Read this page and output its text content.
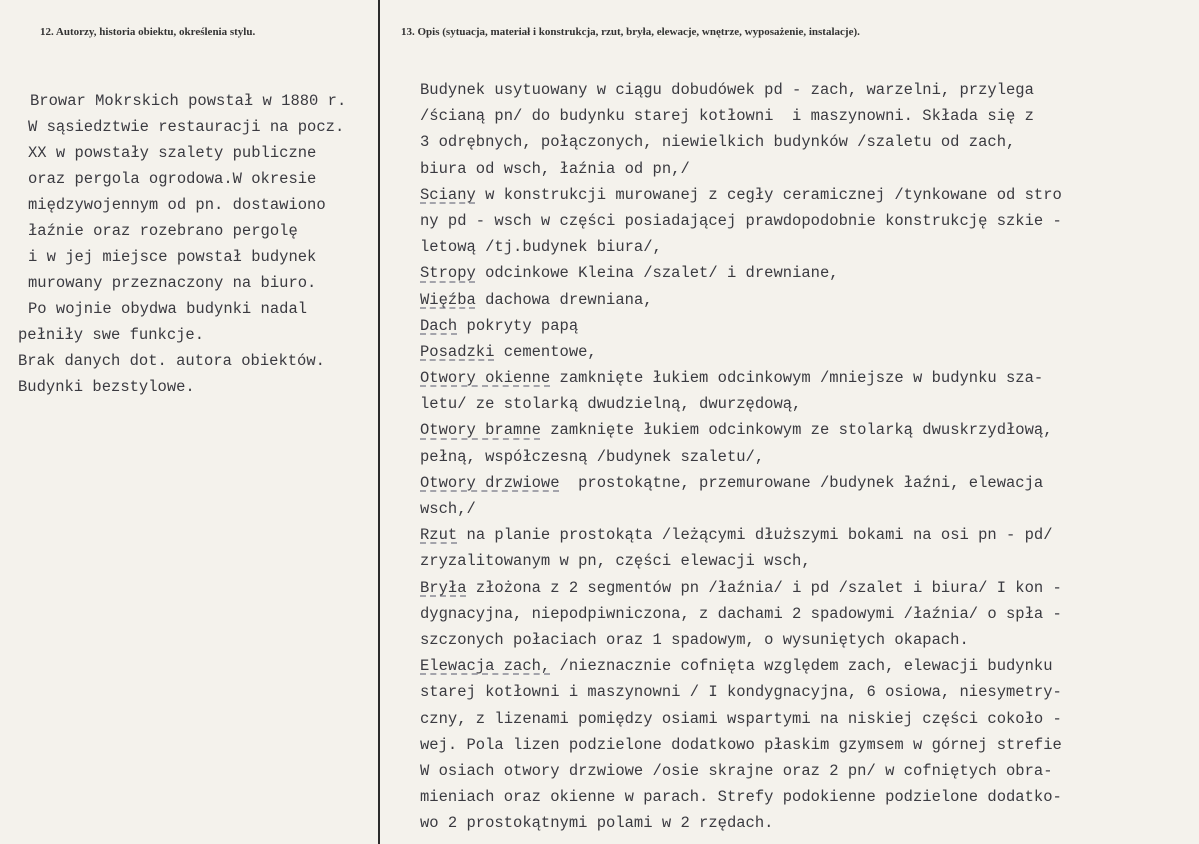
12. Autorzy, historia obiektu, określenia stylu.	13. Opis (sytuacja, materiał i konstrukcja, rzut, bryła, elewacje, wnętrze, wyposażenie, instalacje).
Browar Mokrskich powstał w 1880 r.
W sąsiedztwie restauracji na pocz.
XX w powstały szalety publiczne
oraz pergola ogrodowa.W okresie
międzywojennym od pn. dostawiono
łaźnie oraz rozebrano pergolę
i w jej miejsce powstał budynek
murowany przeznaczony na biuro.
Po wojnie obydwa budynki nadal
pełniły swe funkcje.
Brak danych dot. autora obiektów.
Budynki bezstylowe.
Budynek usytuowany w ciągu dobudówek pd - zach, warzelni, przylega
/ścianą pn/ do budynku starej kotłowni  i maszynowni. Składa się z
3 odrębnych, połączonych, niewielkich budynków /szaletu od zach,
biura od wsch, łaźnia od pn,/
Sciany w konstrukcji murowanej z cegły ceramicznej /tynkowane od stro
ny pd - wsch w części posiadającej prawdopodobnie konstrukcję szkie -
letową /tj.budynek biura/,
Stropy odcinkowe Kleina /szalet/ i drewniane,
Więźba dachowa drewniana,
Dach pokryty papą
Posadzki cementowe,
Otwory okienne zamknięte łukiem odcinkowym /mniejsze w budynku sza-
letu/ ze stolarką dwudzielną, dwurzędową,
Otwory bramne zamknięte łukiem odcinkowym ze stolarką dwuskrzydłową,
pełną, współczesną /budynek szaletu/,
Otwory drzwiowe  prostokątne, przemurowane /budynek łaźni, elewacja
wsch,/
Rzut na planie prostokąta /leżącymi dłuższymi bokami na osi pn - pd/
zryzalitowanym w pn, części elewacji wsch,
Bryła złożona z 2 segmentów pn /łaźnia/ i pd /szalet i biura/ I kon -
dygnacyjna, niepodpiwniczona, z dachami 2 spadowymi /łaźnia/ o spła -
szczonych połaciach oraz 1 spadowym, o wysuniętych okapach.
Elewacja zach, /nieznacznie cofnięta względem zach, elewacji budynku
starej kotłowni i maszynowni / I kondygnacyjna, 6 osiowa, niesymetry-
czny, z lizenami pomiędzy osiami wspartymi na niskiej części cokoło -
wej. Pola lizen podzielone dodatkowo płaskim gzymsem w górnej strefie
W osiach otwory drzwiowe /osie skrajne oraz 2 pn/ w cofniętych obra-
mieniach oraz okienne w parach. Strefy podokienne podzielone dodatko-
wo 2 prostokątnymi polami w 2 rzędach.
